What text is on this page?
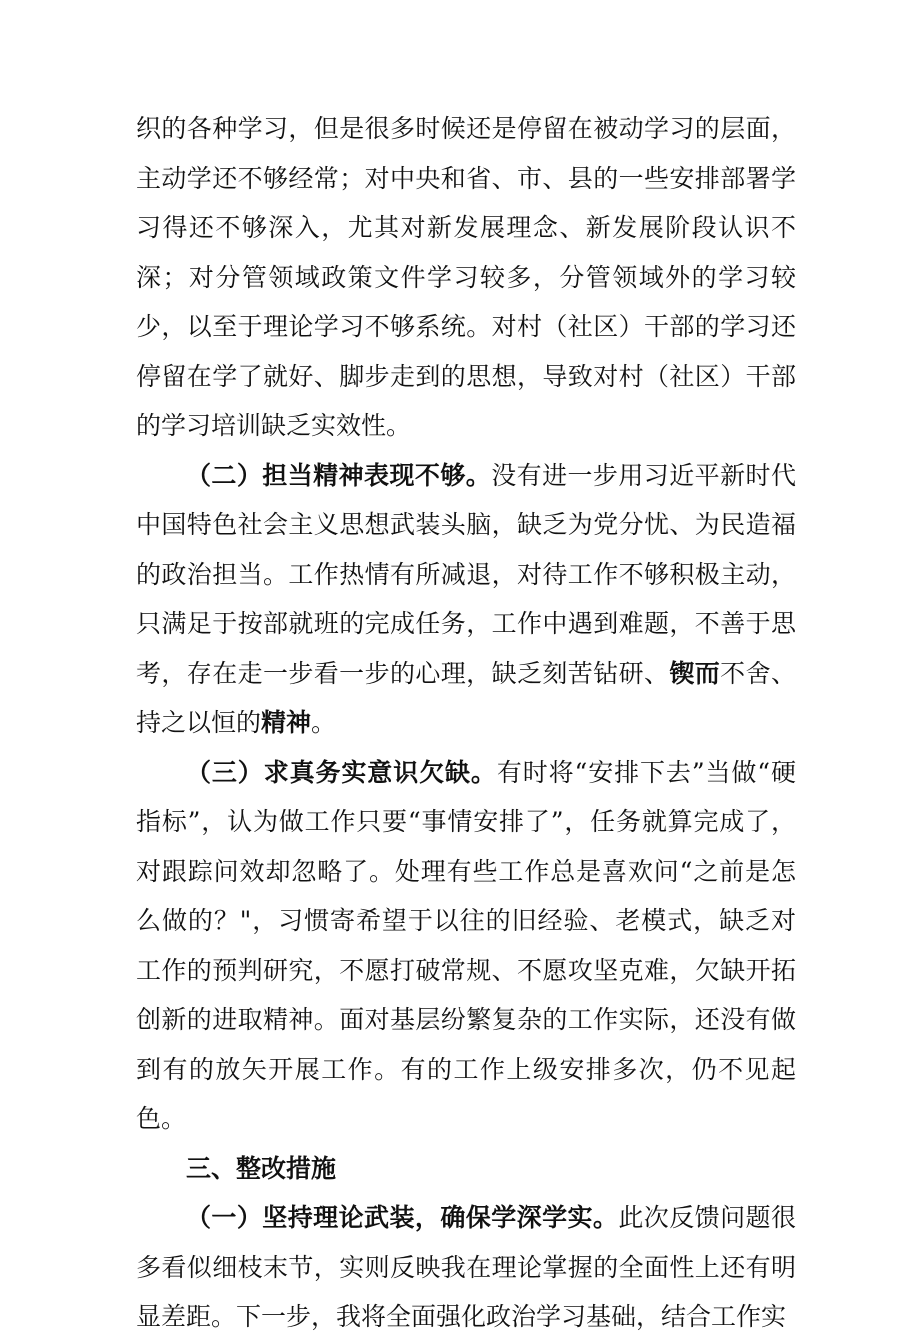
织的各种学习，但是很多时候还是停留在被动学习的层面，主动学还不够经常；对中央和省、市、县的一些安排部署学习得还不够深入，尤其对新发展理念、新发展阶段认识不深；对分管领域政策文件学习较多，分管领域外的学习较少，以至于理论学习不够系统。对村（社区）干部的学习还停留在学了就好、脚步走到的思想，导致对村（社区）干部的学习培训缺乏实效性。

（二）担当精神表现不够。没有进一步用习近平新时代中国特色社会主义思想武装头脑，缺乏为党分忧、为民造福的政治担当。工作热情有所减退，对待工作不够积极主动，只满足于按部就班的完成任务，工作中遇到难题，不善于思考，存在走一步看一步的心理，缺乏刻苦钻研、锲而不舍、持之以恒的精神。

（三）求真务实意识欠缺。有时将“安排下去”当做“硬指标”，认为做工作只要“事情安排了”，任务就算完成了，对跟踪问效却忽略了。处理有些工作总是喜欢问“之前是怎么做的？"，习惯寄希望于以往的旧经验、老模式，缺乏对工作的预判研究，不愿打破常规、不愿攻坚克难，欠缺开拓创新的进取精神。面对基层纷繁复杂的工作实际，还没有做到有的放矢开展工作。有的工作上级安排多次，仍不见起色。

三、整改措施

（一）坚持理论武装，确保学深学实。此次反馈问题很多看似细枝末节，实则反映我在理论掌握的全面性上还有明显差距。下一步，我将全面强化政治学习基础，结合工作实
